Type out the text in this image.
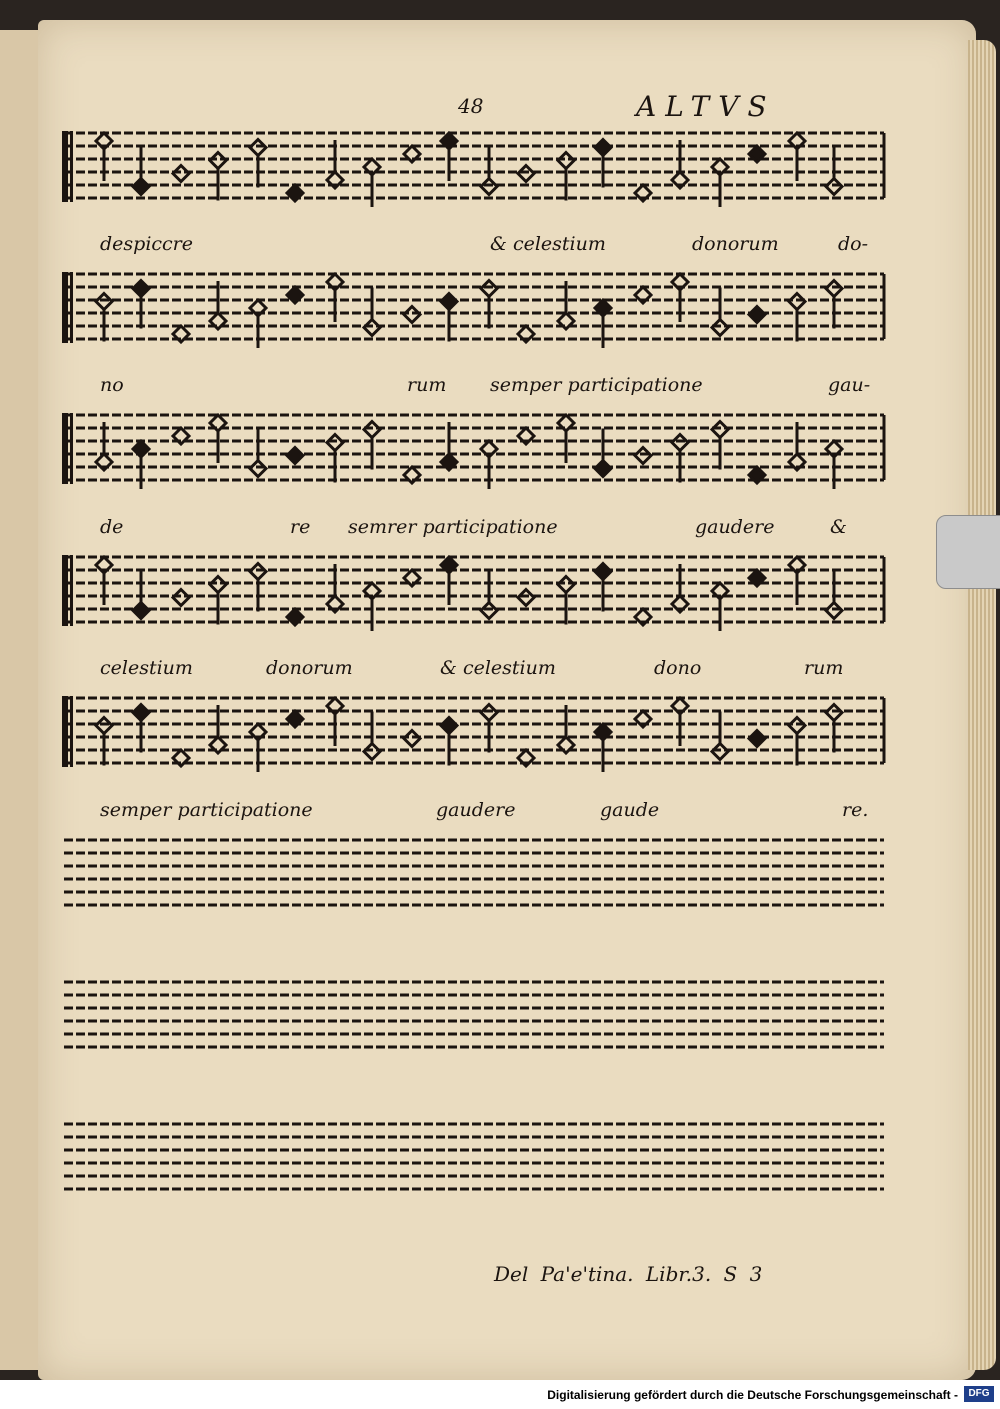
48	ALTVS
despiccre	& celestium	donorum	do-
no	rum semper participatione	gau-
de	re semrer participatione	gaudere	&
celestium	donorum	& celestium	dono	rum
semper participatione	gaudere	gaude	re.
Del Pa'e'tina. Libr.3. S 3
Digitalisierung gefördert durch die Deutsche Forschungsgemeinschaft -	DFG
